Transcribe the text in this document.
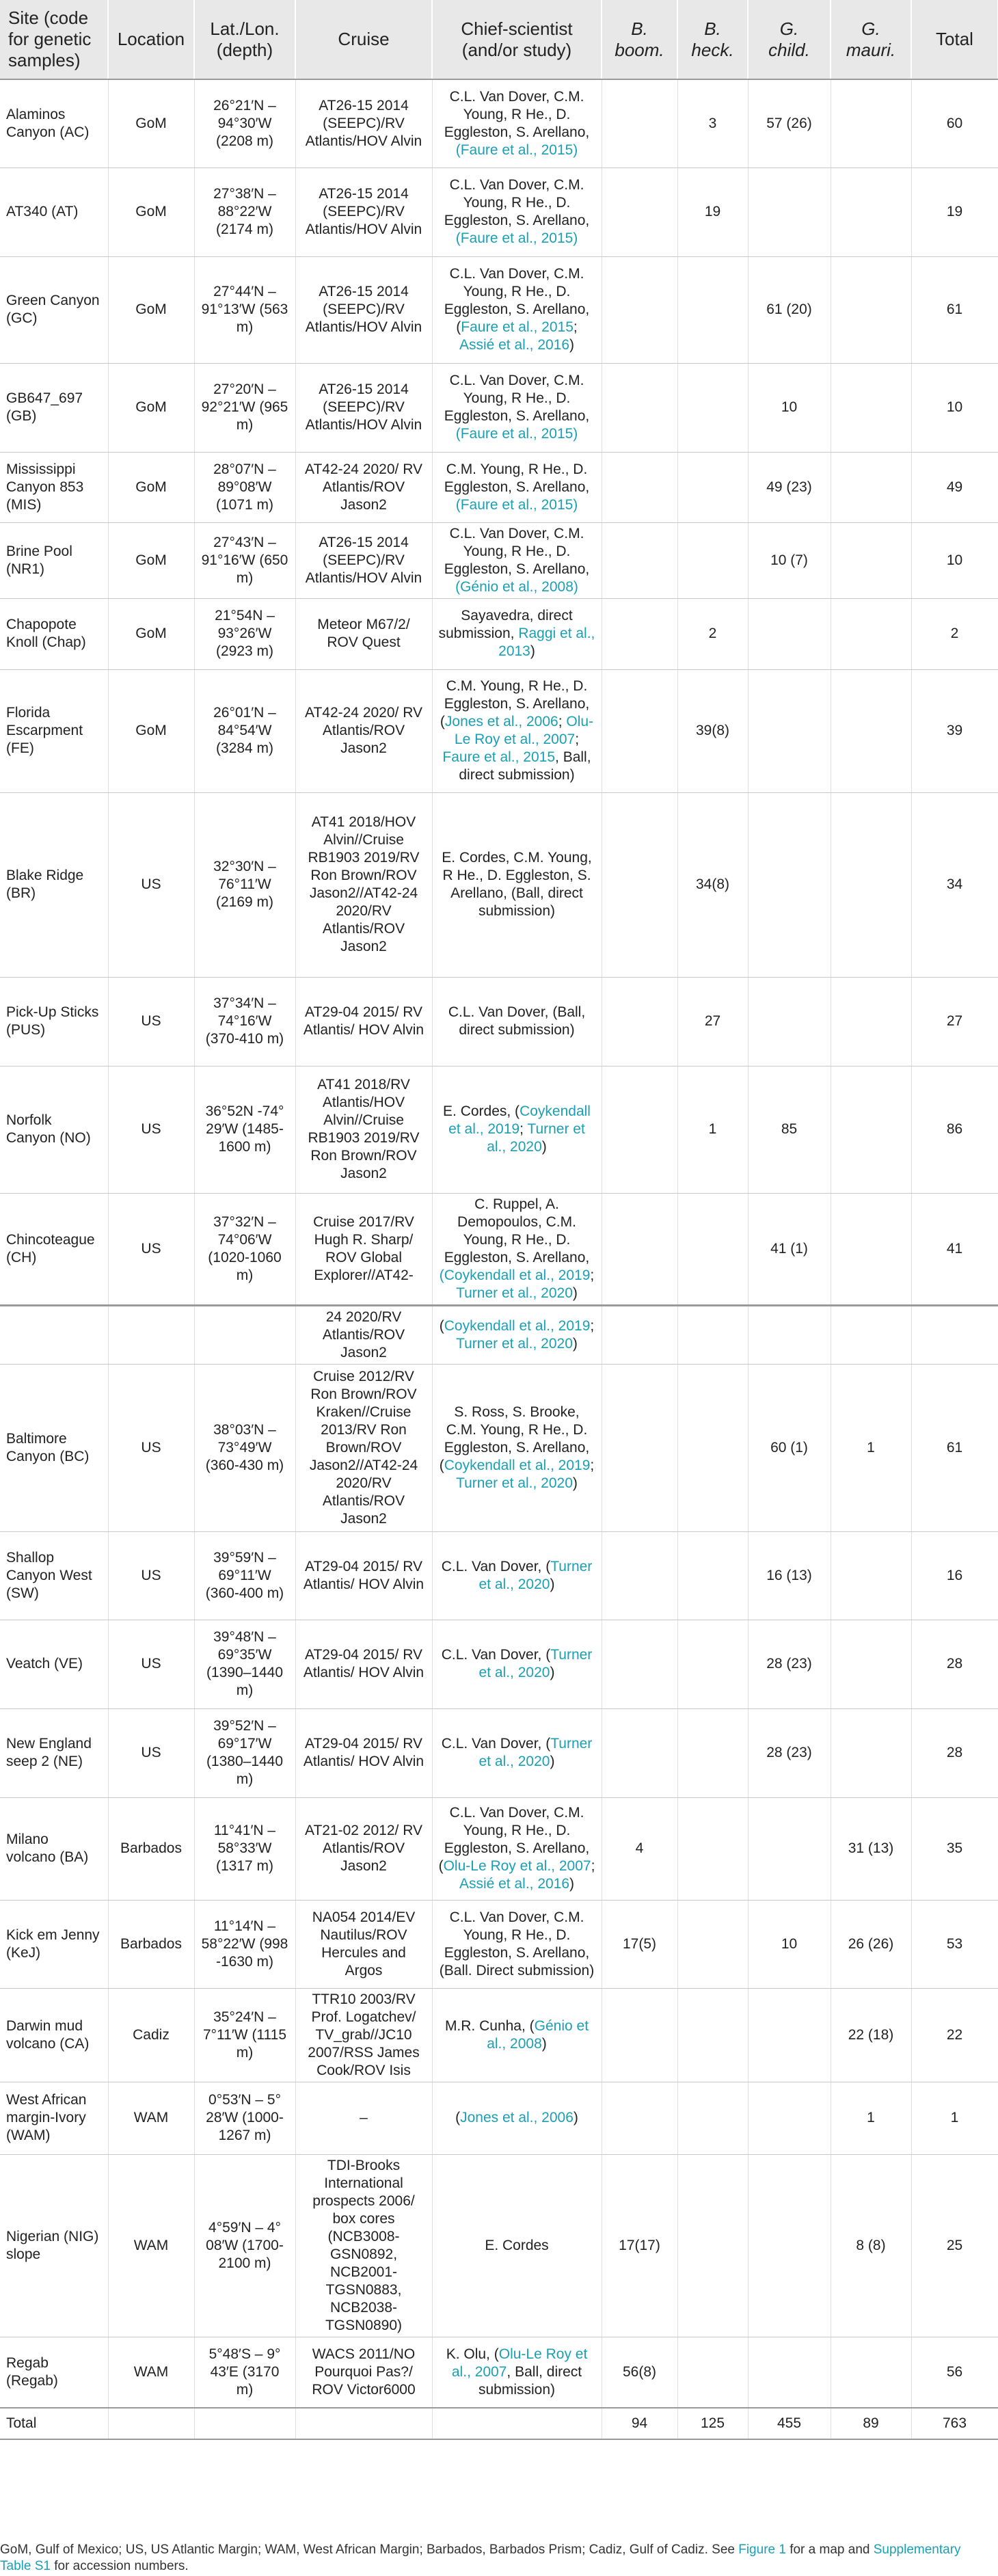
Site (code for genetic samples)	Location	Lat./Lon. (depth)	Cruise	Chief-scientist (and/or study)	B. boom.	B. heck.	G. child.	G. mauri.	Total
Alaminos Canyon (AC)	GoM	26°21′N – 94°30′W (2208 m)	AT26-15 2014 (SEEPC)/RV Atlantis/HOV Alvin	C.L. Van Dover, C.M. Young, R He., D. Eggleston, S. Arellano, (Faure et al., 2015)		3	57 (26)		60
AT340 (AT)	GoM	27°38′N – 88°22′W (2174 m)	AT26-15 2014 (SEEPC)/RV Atlantis/HOV Alvin	C.L. Van Dover, C.M. Young, R He., D. Eggleston, S. Arellano, (Faure et al., 2015)		19			19
Green Canyon (GC)	GoM	27°44′N – 91°13′W (563 m)	AT26-15 2014 (SEEPC)/RV Atlantis/HOV Alvin	C.L. Van Dover, C.M. Young, R He., D. Eggleston, S. Arellano, (Faure et al., 2015; Assié et al., 2016)			61 (20)		61
GB647_697 (GB)	GoM	27°20′N – 92°21′W (965 m)	AT26-15 2014 (SEEPC)/RV Atlantis/HOV Alvin	C.L. Van Dover, C.M. Young, R He., D. Eggleston, S. Arellano, (Faure et al., 2015)			10		10
Mississippi Canyon 853 (MIS)	GoM	28°07′N – 89°08′W (1071 m)	AT42-24 2020/ RV Atlantis/ROV Jason2	C.M. Young, R He., D. Eggleston, S. Arellano, (Faure et al., 2015)			49 (23)		49
Brine Pool (NR1)	GoM	27°43′N – 91°16′W (650 m)	AT26-15 2014 (SEEPC)/RV Atlantis/HOV Alvin	C.L. Van Dover, C.M. Young, R He., D. Eggleston, S. Arellano, (Génio et al., 2008)			10 (7)		10
Chapopote Knoll (Chap)	GoM	21°54N – 93°26′W (2923 m)	Meteor M67/2/ ROV Quest	Sayavedra, direct submission, Raggi et al., 2013)		2			2
Florida Escarpment (FE)	GoM	26°01′N – 84°54′W (3284 m)	AT42-24 2020/ RV Atlantis/ROV Jason2	C.M. Young, R He., D. Eggleston, S. Arellano, (Jones et al., 2006; Olu-Le Roy et al., 2007; Faure et al., 2015, Ball, direct submission)		39(8)			39
Blake Ridge (BR)	US	32°30′N – 76°11′W (2169 m)	AT41 2018/HOV Alvin//Cruise RB1903 2019/RV Ron Brown/ROV Jason2//AT42-24 2020/RV Atlantis/ROV Jason2	E. Cordes, C.M. Young, R He., D. Eggleston, S. Arellano, (Ball, direct submission)		34(8)			34
Pick-Up Sticks (PUS)	US	37°34′N –74°16′W (370-410 m)	AT29-04 2015/ RV Atlantis/ HOV Alvin	C.L. Van Dover, (Ball, direct submission)		27			27
Norfolk Canyon (NO)	US	36°52N -74° 29′W (1485-1600 m)	AT41 2018/RV Atlantis/HOV Alvin//Cruise RB1903 2019/RV Ron Brown/ROV Jason2	E. Cordes, (Coykendall et al., 2019; Turner et al., 2020)		1	85		86
Chincoteague (CH)	US	37°32′N – 74°06′W (1020-1060 m)	Cruise 2017/RV Hugh R. Sharp/ ROV Global Explorer//AT42-	C. Ruppel, A. Demopoulos, C.M. Young, R He., D. Eggleston, S. Arellano, (Coykendall et al., 2019; Turner et al., 2020)			41 (1)		41
			24 2020/RV Atlantis/ROV Jason2	(Coykendall et al., 2019; Turner et al., 2020)					
Baltimore Canyon (BC)	US	38°03′N – 73°49′W (360-430 m)	Cruise 2012/RV Ron Brown/ROV Kraken//Cruise 2013/RV Ron Brown/ROV Jason2//AT42-24 2020/RV Atlantis/ROV Jason2	S. Ross, S. Brooke, C.M. Young, R He., D. Eggleston, S. Arellano, (Coykendall et al., 2019; Turner et al., 2020)			60 (1)	1	61
Shallop Canyon West (SW)	US	39°59′N –69°11′W (360-400 m)	AT29-04 2015/ RV Atlantis/ HOV Alvin	C.L. Van Dover, (Turner et al., 2020)			16 (13)		16
Veatch (VE)	US	39°48′N –69°35′W (1390–1440 m)	AT29-04 2015/ RV Atlantis/ HOV Alvin	C.L. Van Dover, (Turner et al., 2020)			28 (23)		28
New England seep 2 (NE)	US	39°52′N –69°17′W (1380–1440 m)	AT29-04 2015/ RV Atlantis/ HOV Alvin	C.L. Van Dover, (Turner et al., 2020)			28 (23)		28
Milano volcano (BA)	Barbados	11°41′N – 58°33′W (1317 m)	AT21-02 2012/ RV Atlantis/ROV Jason2	C.L. Van Dover, C.M. Young, R He., D. Eggleston, S. Arellano, (Olu-Le Roy et al., 2007; Assié et al., 2016)	4			31 (13)	35
Kick em Jenny (KeJ)	Barbados	11°14′N – 58°22′W (998 -1630 m)	NA054 2014/EV Nautilus/ROV Hercules and Argos	C.L. Van Dover, C.M. Young, R He., D. Eggleston, S. Arellano, (Ball. Direct submission)	17(5)		10	26 (26)	53
Darwin mud volcano (CA)	Cadiz	35°24′N – 7°11′W (1115 m)	TTR10 2003/RV Prof. Logatchev/ TV_grab//JC10 2007/RSS James Cook/ROV Isis	M.R. Cunha, (Génio et al., 2008)				22 (18)	22
West African margin-Ivory (WAM)	WAM	0°53′N – 5° 28′W (1000-1267 m)	–	(Jones et al., 2006)				1	1
Nigerian (NIG) slope	WAM	4°59′N – 4° 08′W (1700-2100 m)	TDI-Brooks International prospects 2006/ box cores (NCB3008-GSN0892, NCB2001-TGSN0883, NCB2038-TGSN0890)	E. Cordes	17(17)			8 (8)	25
Regab (Regab)	WAM	5°48′S – 9° 43′E (3170 m)	WACS 2011/NO Pourquoi Pas?/ ROV Victor6000	K. Olu, (Olu-Le Roy et al., 2007, Ball, direct submission)	56(8)				56
Total					94	125	455	89	763
GoM, Gulf of Mexico; US, US Atlantic Margin; WAM, West African Margin; Barbados, Barbados Prism; Cadiz, Gulf of Cadiz. See Figure 1 for a map and Supplementary Table S1 for accession numbers.
